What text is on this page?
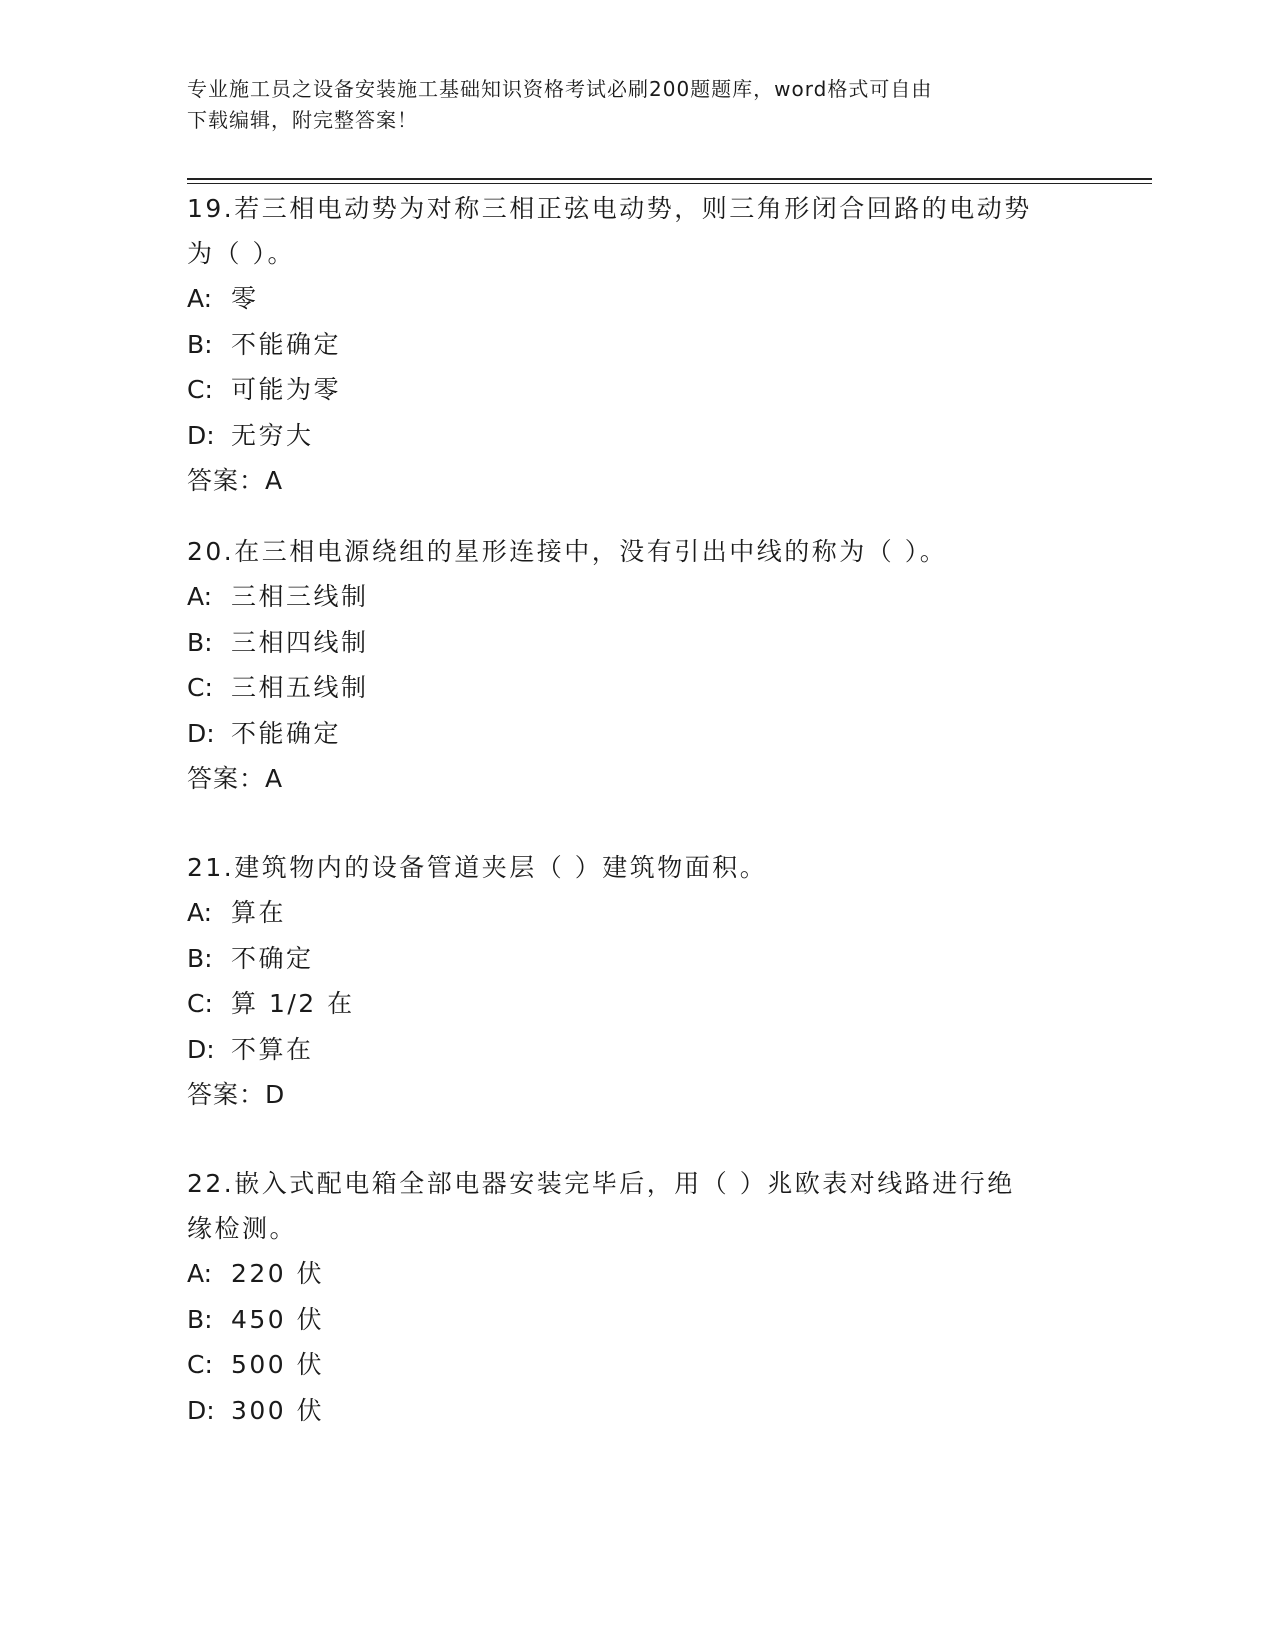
专业施工员之设备安装施工基础知识资格考试必刷200题题库，word格式可自由
下载编辑，附完整答案！

19.若三相电动势为对称三相正弦电动势，则三角形闭合回路的电动势
为（ ）。

A: 零

B: 不能确定

C: 可能为零

D: 无穷大

答案：A

20.在三相电源绕组的星形连接中，没有引出中线的称为（ ）。

A: 三相三线制

B: 三相四线制

C: 三相五线制

D: 不能确定

答案：A

21.建筑物内的设备管道夹层（ ）建筑物面积。

A: 算在

B: 不确定

C: 算 1/2 在

D: 不算在

答案：D

22.嵌入式配电箱全部电器安装完毕后，用（ ）兆欧表对线路进行绝
缘检测。

A: 220 伏

B: 450 伏

C: 500 伏

D: 300 伏
